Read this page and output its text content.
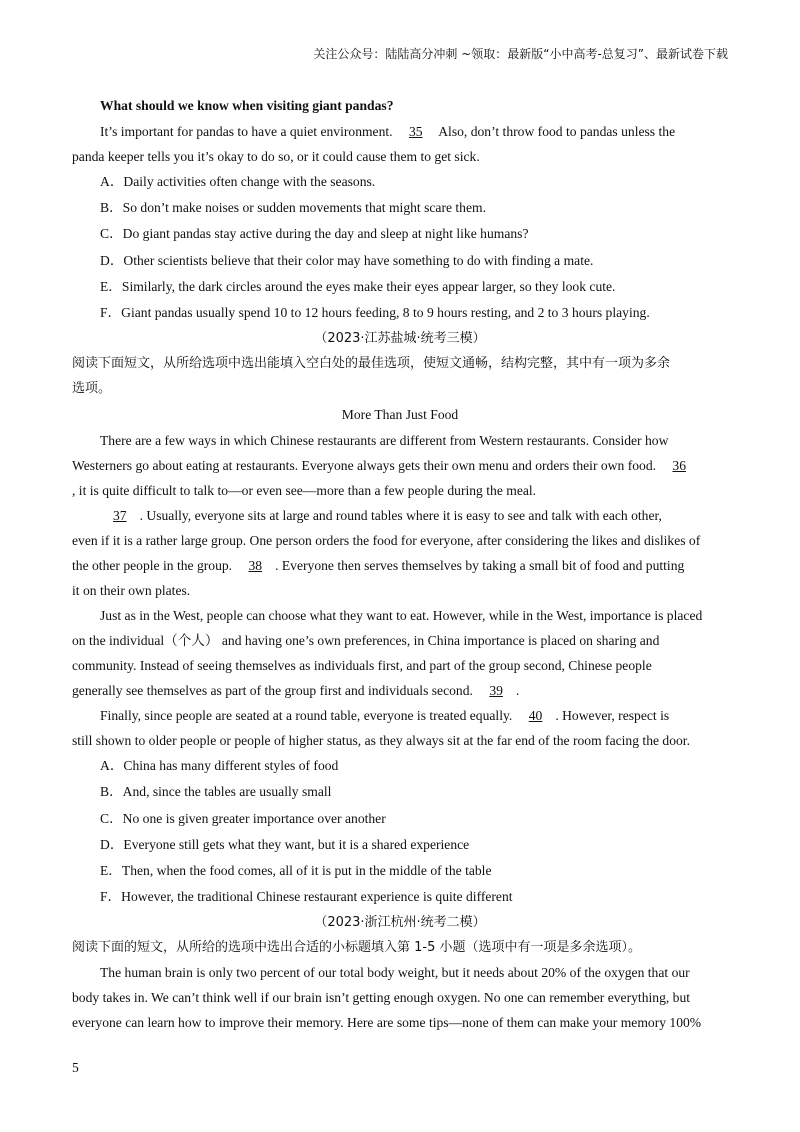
关注公众号：陆陆高分冲刺 ~领取：最新版“小中高考-总复习”、最新试卷下载
What should we know when visiting giant pandas?
It’s important for pandas to have a quiet environment. 35 Also, don’t throw food to pandas unless the
panda keeper tells you it’s okay to do so, or it could cause them to get sick.
A．Daily activities often change with the seasons.
B．So don’t make noises or sudden movements that might scare them.
C．Do giant pandas stay active during the day and sleep at night like humans?
D．Other scientists believe that their color may have something to do with finding a mate.
E．Similarly, the dark circles around the eyes make their eyes appear larger, so they look cute.
F．Giant pandas usually spend 10 to 12 hours feeding, 8 to 9 hours resting, and 2 to 3 hours playing.
（2023·江苏盐城·统考三模）
阅读下面短文，从所给选项中选出能填入空白处的最佳选项，使短文通畅，结构完整，其中有一项为多余
选项。
More Than Just Food
There are a few ways in which Chinese restaurants are different from Western restaurants. Consider how
Westerners go about eating at restaurants. Everyone always gets their own menu and orders their own food. 36
, it is quite difficult to talk to—or even see—more than a few people during the meal.
37 . Usually, everyone sits at large and round tables where it is easy to see and talk with each other,
even if it is a rather large group. One person orders the food for everyone, after considering the likes and dislikes of
the other people in the group. 38 . Everyone then serves themselves by taking a small bit of food and putting
it on their own plates.
Just as in the West, people can choose what they want to eat. However, while in the West, importance is placed
on the individual（个人） and having one’s own preferences, in China importance is placed on sharing and
community. Instead of seeing themselves as individuals first, and part of the group second, Chinese people
generally see themselves as part of the group first and individuals second. 39 .
Finally, since people are seated at a round table, everyone is treated equally. 40 . However, respect is
still shown to older people or people of higher status, as they always sit at the far end of the room facing the door.
A．China has many different styles of food
B．And, since the tables are usually small
C．No one is given greater importance over another
D．Everyone still gets what they want, but it is a shared experience
E．Then, when the food comes, all of it is put in the middle of the table
F．However, the traditional Chinese restaurant experience is quite different
（2023·浙江杭州·统考二模）
阅读下面的短文，从所给的选项中选出合适的小标题填入第 1-5 小题（选项中有一项是多余选项）。
The human brain is only two percent of our total body weight, but it needs about 20% of the oxygen that our
body takes in. We can’t think well if our brain isn’t getting enough oxygen. No one can remember everything, but
everyone can learn how to improve their memory. Here are some tips—none of them can make your memory 100%
5
